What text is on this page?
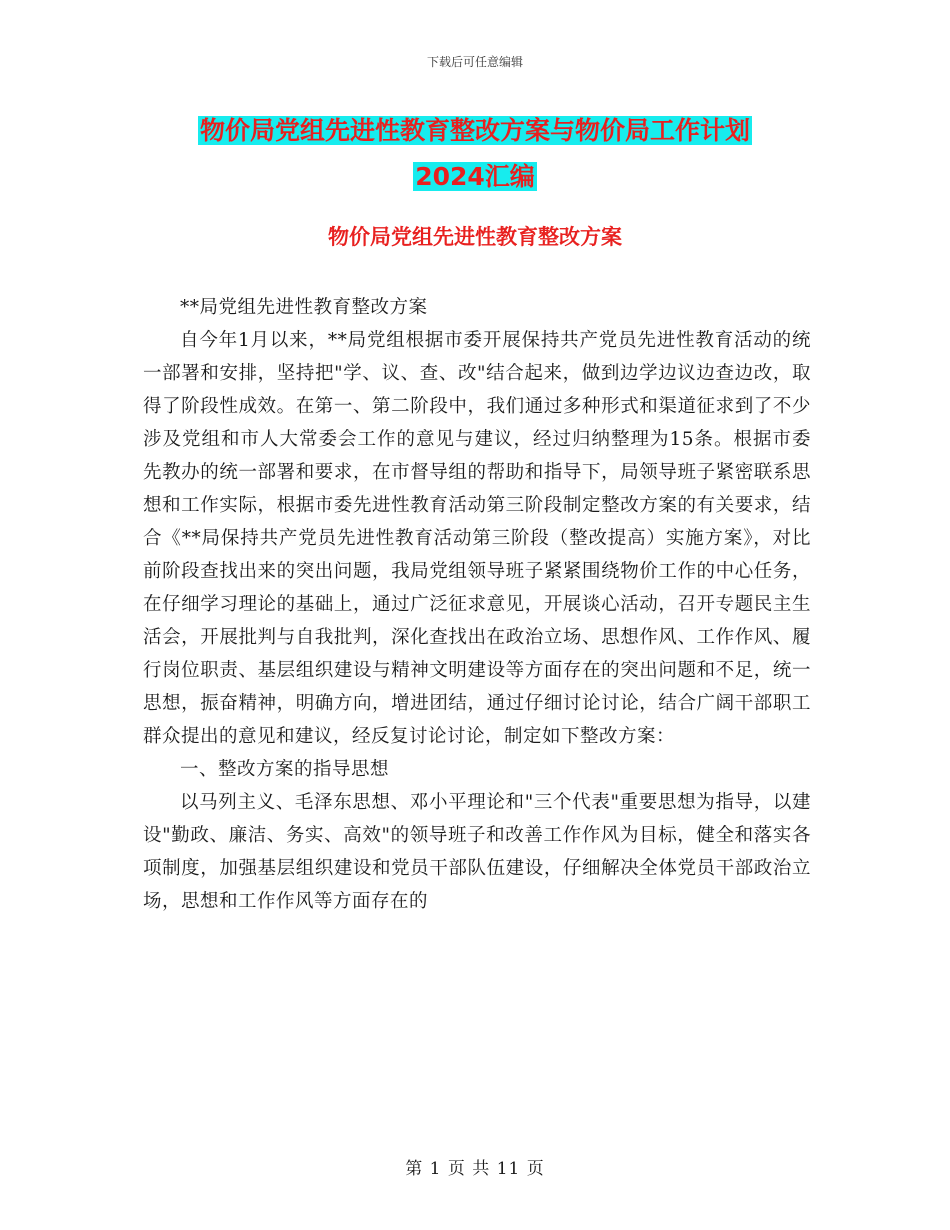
下载后可任意编辑
物价局党组先进性教育整改方案与物价局工作计划
2024汇编
物价局党组先进性教育整改方案

**局党组先进性教育整改方案

自今年1月以来，**局党组根据市委开展保持共产党员先进性教育活动的统一部署和安排，坚持把"学、议、查、改"结合起来，做到边学边议边查边改，取得了阶段性成效。在第一、第二阶段中，我们通过多种形式和渠道征求到了不少涉及党组和市人大常委会工作的意见与建议，经过归纳整理为15条。根据市委先教办的统一部署和要求，在市督导组的帮助和指导下，局领导班子紧密联系思想和工作实际，根据市委先进性教育活动第三阶段制定整改方案的有关要求，结合《**局保持共产党员先进性教育活动第三阶段（整改提高）实施方案》，对比前阶段查找出来的突出问题，我局党组领导班子紧紧围绕物价工作的中心任务，在仔细学习理论的基础上，通过广泛征求意见，开展谈心活动，召开专题民主生活会，开展批判与自我批判，深化查找出在政治立场、思想作风、工作作风、履行岗位职责、基层组织建设与精神文明建设等方面存在的突出问题和不足，统一思想，振奋精神，明确方向，增进团结，通过仔细讨论讨论，结合广阔干部职工群众提出的意见和建议，经反复讨论讨论，制定如下整改方案：

一、整改方案的指导思想

以马列主义、毛泽东思想、邓小平理论和"三个代表"重要思想为指导，以建设"勤政、廉洁、务实、高效"的领导班子和改善工作作风为目标，健全和落实各项制度，加强基层组织建设和党员干部队伍建设，仔细解决全体党员干部政治立场，思想和工作作风等方面存在的

第 1 页 共 11 页
